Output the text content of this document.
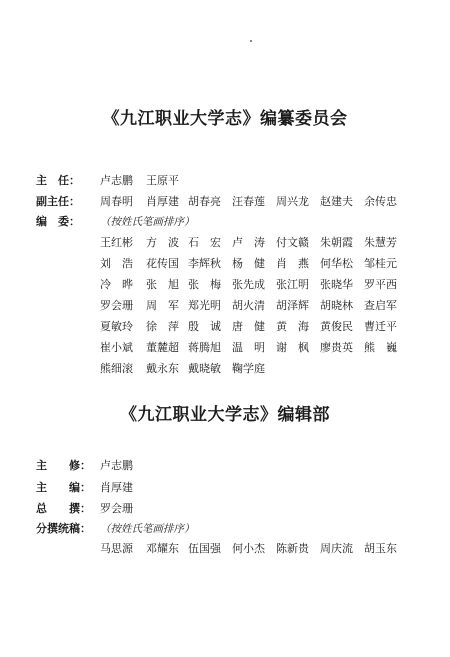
《九江职业大学志》编纂委员会
主　任： 卢志鹏 王原平
副主任： 周春明 肖厚建 胡春亮 汪春莲 周兴龙 赵建夫 余传忠
编　委： （按姓氏笔画排序）
王红彬 方　波 石　宏 卢　涛 付文赣 朱朝霞 朱慧芳
刘　浩 花传国 李辉秋 杨　健 肖　燕 何华松 邹桂元
冷　晔 张　旭 张　梅 张先成 张江明 张晓华 罗平西
罗会珊 周　军 郑光明 胡火清 胡泽辉 胡晓林 查启军
夏敏玲 徐　萍 殷　诚 唐　健 黄　海 黄俊民 曹迁平
崔小斌 董麓超 蒋腾旭 温　明 谢　枫 廖贵英 熊　巍
熊细滚 戴永东 戴晓敏 鞠学庭
《九江职业大学志》编辑部
主　　修： 卢志鹏
主　　编： 肖厚建
总　　撰： 罗会珊
分撰统稿： （按姓氏笔画排序）
马思源 邓耀东 伍国强 何小杰 陈新贵 周庆流 胡玉东
